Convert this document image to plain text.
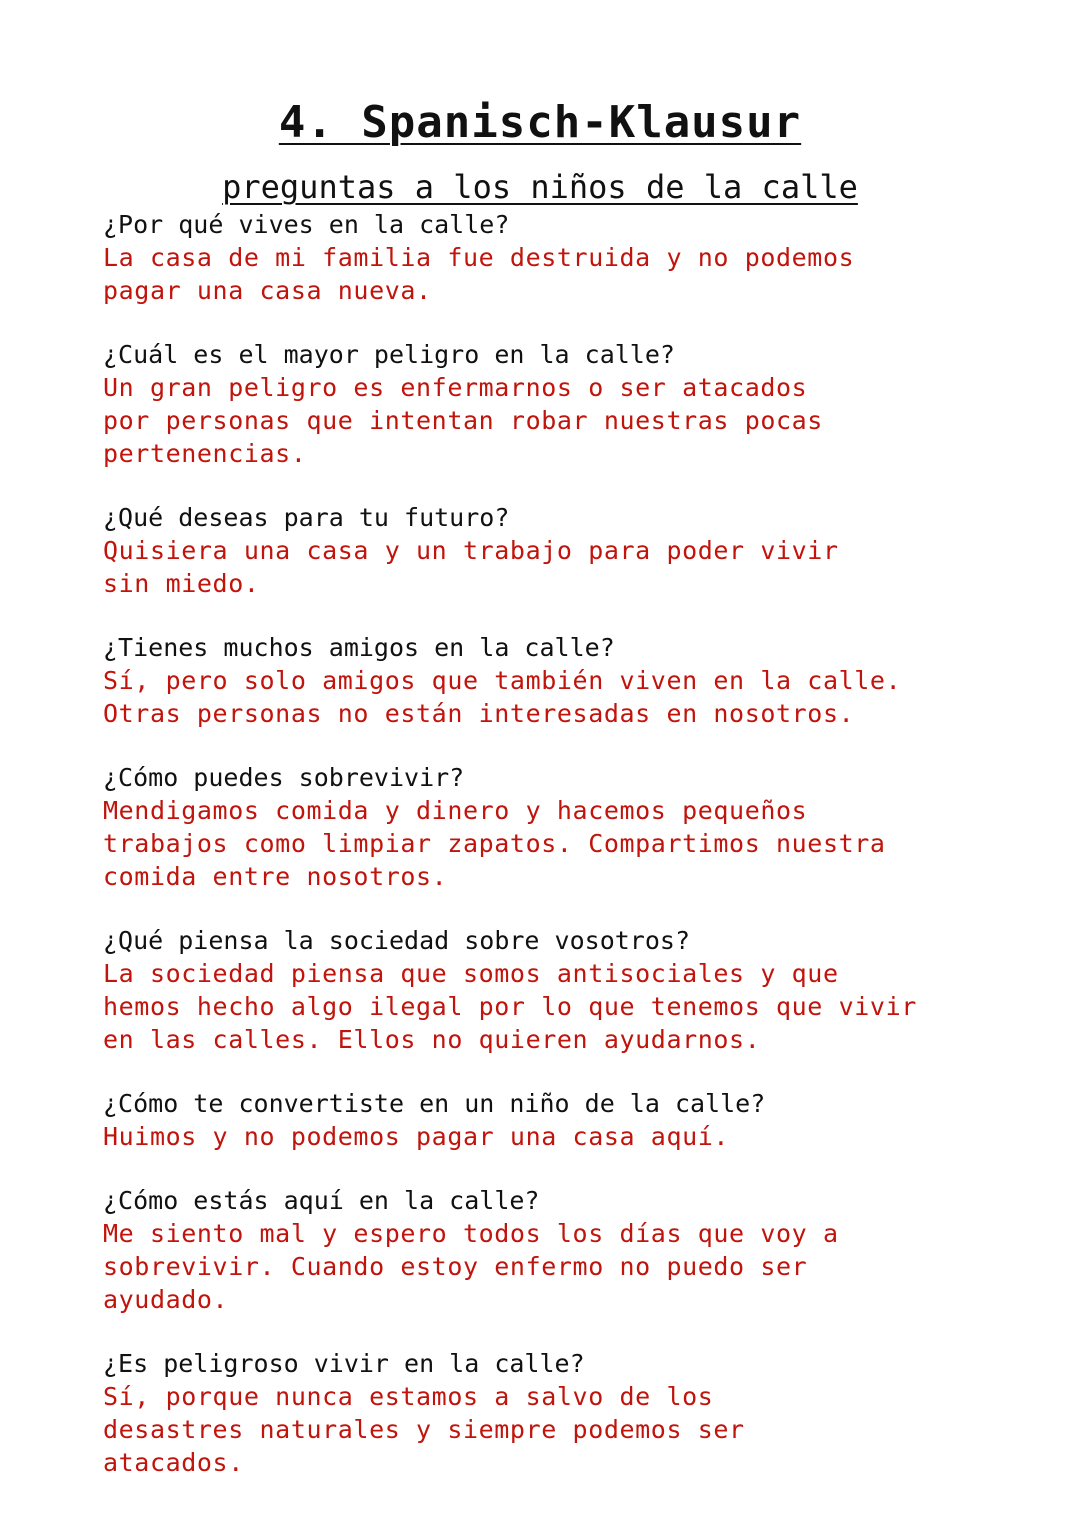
4. Spanisch-Klausur
preguntas a los niños de la calle
¿Por qué vives en la calle?
La casa de mi familia fue destruida y no podemos pagar una casa nueva.
¿Cuál es el mayor peligro en la calle?
Un gran peligro es enfermarnos o ser atacados por personas que intentan robar nuestras pocas pertenencias.
¿Qué deseas para tu futuro?
Quisiera una casa y un trabajo para poder vivir sin miedo.
¿Tienes muchos amigos en la calle?
Sí, pero solo amigos que también viven en la calle. Otras personas no están interesadas en nosotros.
¿Cómo puedes sobrevivir?
Mendigamos comida y dinero y hacemos pequeños trabajos como limpiar zapatos. Compartimos nuestra comida entre nosotros.
¿Qué piensa la sociedad sobre vosotros?
La sociedad piensa que somos antisociales y que hemos hecho algo ilegal por lo que tenemos que vivir en las calles. Ellos no quieren ayudarnos.
¿Cómo te convertiste en un niño de la calle?
Huimos y no podemos pagar una casa aquí.
¿Cómo estás aquí en la calle?
Me siento mal y espero todos los días que voy a sobrevivir. Cuando estoy enfermo no puedo ser ayudado.
¿Es peligroso vivir en la calle?
Sí, porque nunca estamos a salvo de los desastres naturales y siempre podemos ser atacados.
